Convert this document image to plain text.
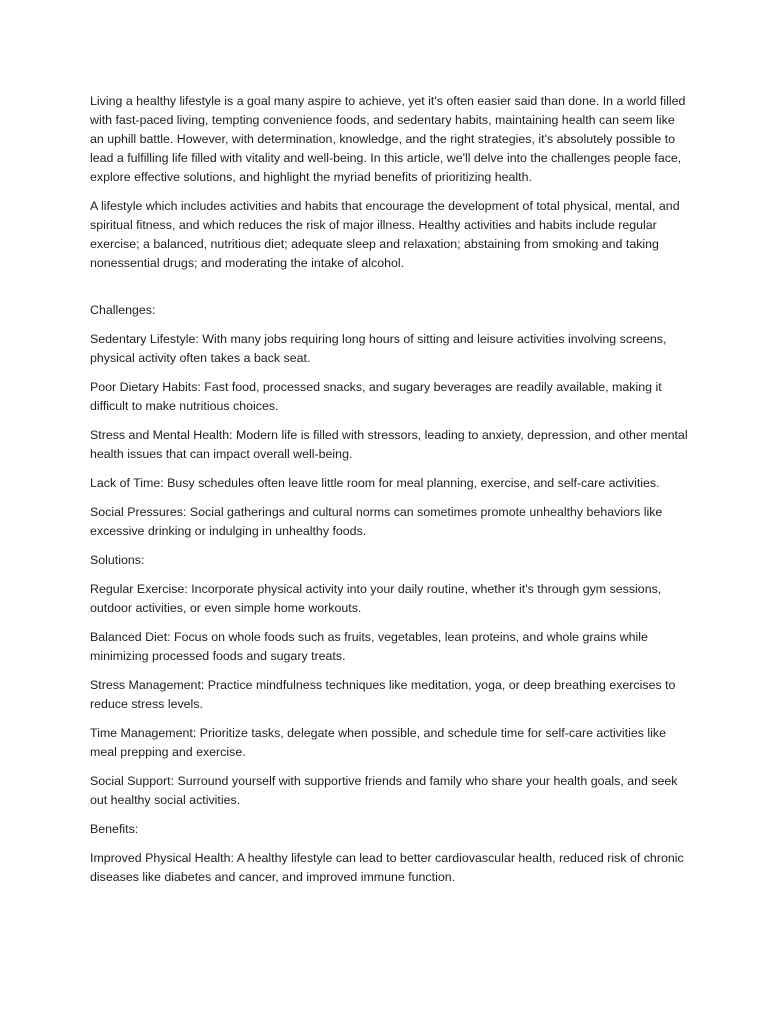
Living a healthy lifestyle is a goal many aspire to achieve, yet it's often easier said than done. In a world filled with fast-paced living, tempting convenience foods, and sedentary habits, maintaining health can seem like an uphill battle. However, with determination, knowledge, and the right strategies, it's absolutely possible to lead a fulfilling life filled with vitality and well-being. In this article, we'll delve into the challenges people face, explore effective solutions, and highlight the myriad benefits of prioritizing health.

A lifestyle which includes activities and habits that encourage the development of total physical, mental, and spiritual fitness, and which reduces the risk of major illness. Healthy activities and habits include regular exercise; a balanced, nutritious diet; adequate sleep and relaxation; abstaining from smoking and taking nonessential drugs; and moderating the intake of alcohol.

Challenges:

Sedentary Lifestyle: With many jobs requiring long hours of sitting and leisure activities involving screens, physical activity often takes a back seat.

Poor Dietary Habits: Fast food, processed snacks, and sugary beverages are readily available, making it difficult to make nutritious choices.

Stress and Mental Health: Modern life is filled with stressors, leading to anxiety, depression, and other mental health issues that can impact overall well-being.

Lack of Time: Busy schedules often leave little room for meal planning, exercise, and self-care activities.

Social Pressures: Social gatherings and cultural norms can sometimes promote unhealthy behaviors like excessive drinking or indulging in unhealthy foods.

Solutions:

Regular Exercise: Incorporate physical activity into your daily routine, whether it's through gym sessions, outdoor activities, or even simple home workouts.

Balanced Diet: Focus on whole foods such as fruits, vegetables, lean proteins, and whole grains while minimizing processed foods and sugary treats.

Stress Management: Practice mindfulness techniques like meditation, yoga, or deep breathing exercises to reduce stress levels.

Time Management: Prioritize tasks, delegate when possible, and schedule time for self-care activities like meal prepping and exercise.

Social Support: Surround yourself with supportive friends and family who share your health goals, and seek out healthy social activities.

Benefits:

Improved Physical Health: A healthy lifestyle can lead to better cardiovascular health, reduced risk of chronic diseases like diabetes and cancer, and improved immune function.
